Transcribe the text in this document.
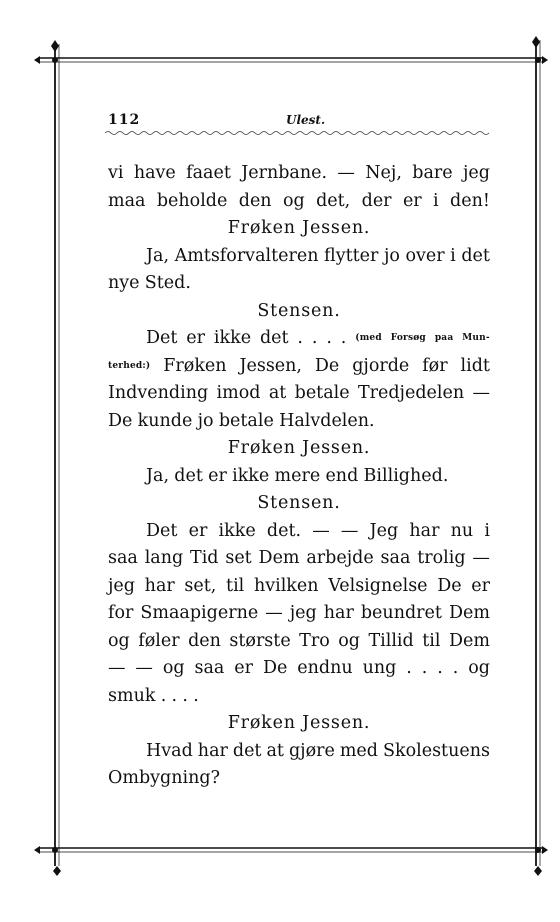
112	Ulest.
vi have faaet Jernbane. — Nej, bare jeg
maa beholde den og det, der er i den!
Frøken Jessen.
Ja, Amtsforvalteren flytter jo over i det
nye Sted.
Stensen.
Det er ikke det . . . . (med Forsøg paa Mun-
terhed:) Frøken Jessen, De gjorde før lidt
Indvending imod at betale Tredjedelen —
De kunde jo betale Halvdelen.
Frøken Jessen.
Ja, det er ikke mere end Billighed.
Stensen.
Det er ikke det. — — Jeg har nu i
saa lang Tid set Dem arbejde saa trolig —
jeg har set, til hvilken Velsignelse De er
for Smaapigerne — jeg har beundret Dem
og føler den største Tro og Tillid til Dem
— — og saa er De endnu ung . . . . og
smuk . . . .
Frøken Jessen.
Hvad har det at gjøre med Skolestuens
Ombygning?
